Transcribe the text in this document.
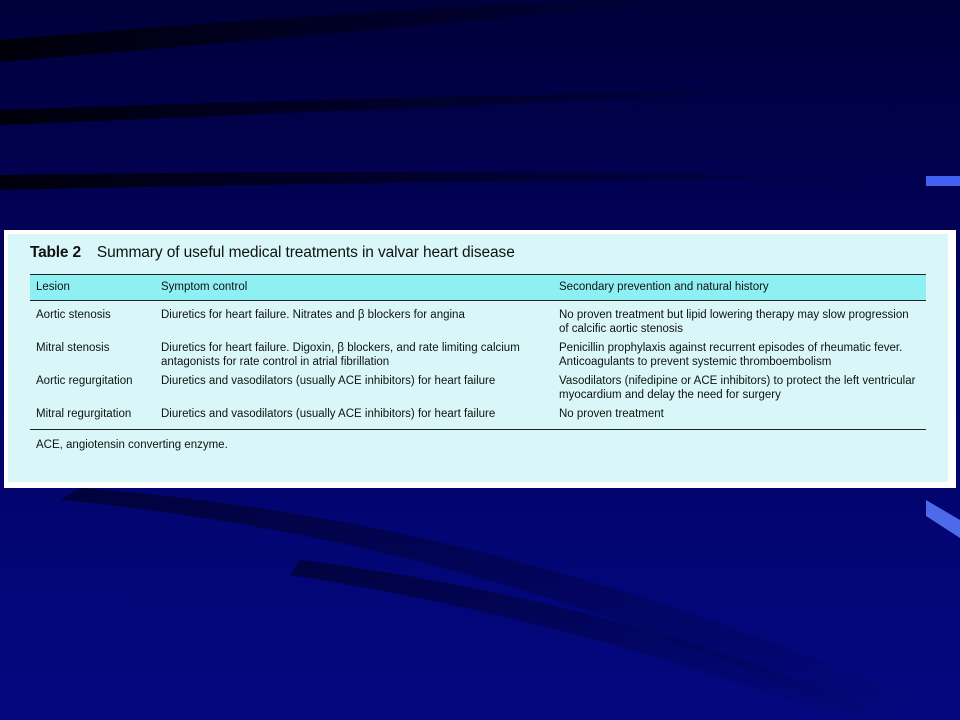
Table 2 Summary of useful medical treatments in valvar heart disease
Lesion	Symptom control	Secondary prevention and natural history
Aortic stenosis	Diuretics for heart failure. Nitrates and β blockers for angina	No proven treatment but lipid lowering therapy may slow progression of calcific aortic stenosis
Mitral stenosis	Diuretics for heart failure. Digoxin, β blockers, and rate limiting calcium antagonists for rate control in atrial fibrillation	Penicillin prophylaxis against recurrent episodes of rheumatic fever. Anticoagulants to prevent systemic thromboembolism
Aortic regurgitation	Diuretics and vasodilators (usually ACE inhibitors) for heart failure	Vasodilators (nifedipine or ACE inhibitors) to protect the left ventricular myocardium and delay the need for surgery
Mitral regurgitation	Diuretics and vasodilators (usually ACE inhibitors) for heart failure	No proven treatment
ACE, angiotensin converting enzyme.
